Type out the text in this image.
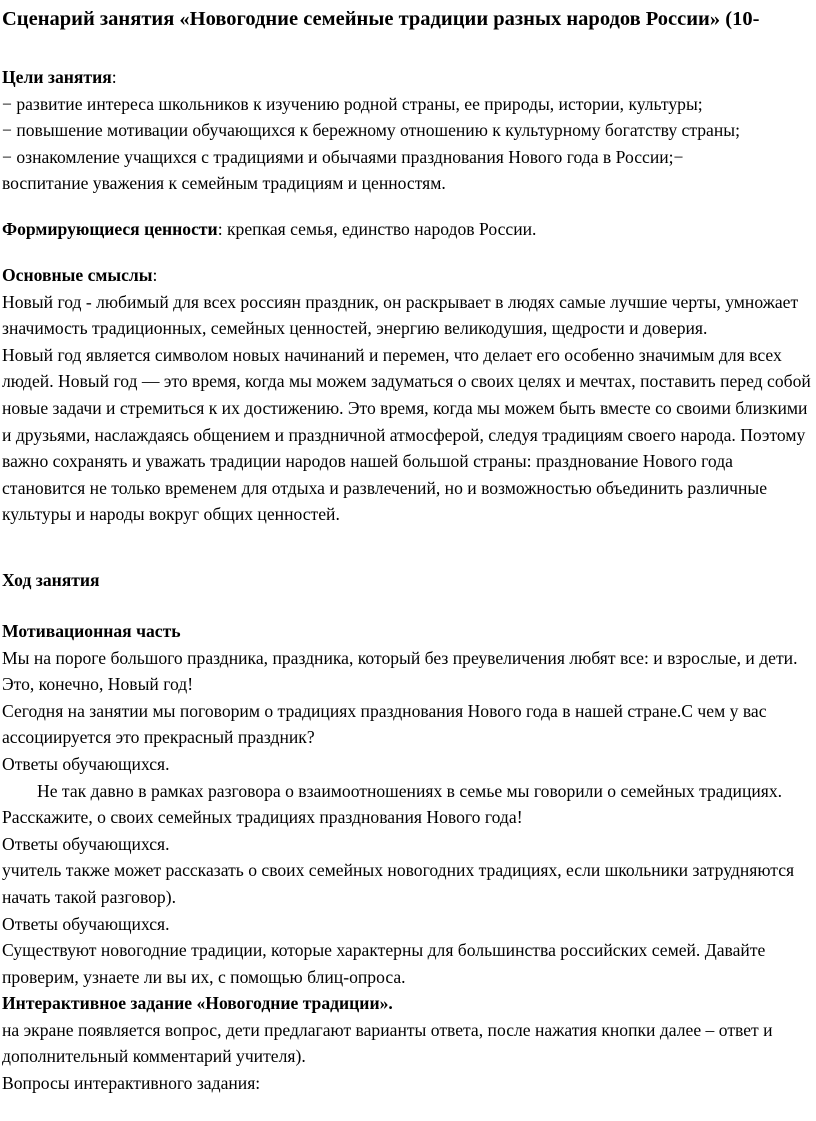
Сценарий занятия «Новогодние семейные традиции разных народов России» (10-

Цели занятия:

− развитие интереса школьников к изучению родной страны, ее природы, истории, культуры;

− повышение мотивации обучающихся к бережному отношению к культурному богатству страны;

− ознакомление учащихся с традициями и обычаями празднования Нового года в России;−

воспитание уважения к семейным традициям и ценностям.

Формирующиеся ценности: крепкая семья, единство народов России.

Основные смыслы:

Новый год - любимый для всех россиян праздник, он раскрывает в людях самые лучшие черты, умножает значимость традиционных, семейных ценностей, энергию великодушия, щедрости и доверия.

Новый год является символом новых начинаний и перемен, что делает его особенно значимым для всех людей. Новый год — это время, когда мы можем задуматься о своих целях и мечтах, поставить перед собой новые задачи и стремиться к их достижению. Это время, когда мы можем быть вместе со своими близкими и друзьями, наслаждаясь общением и праздничной атмосферой, следуя традициям своего народа. Поэтому важно сохранять и уважать традиции народов нашей большой страны: празднование Нового года становится не только временем для отдыха и развлечений, но и возможностью объединить различные культуры и народы вокруг общих ценностей.

Ход занятия

Мотивационная часть

Мы на пороге большого праздника, праздника, который без преувеличения любят все: и взрослые, и дети. Это, конечно, Новый год!

Сегодня на занятии мы поговорим о традициях празднования Нового года в нашей стране.С чем у вас ассоциируется это прекрасный праздник?

Ответы обучающихся.

Не так давно в рамках разговора о взаимоотношениях в семье мы говорили о семейных традициях. Расскажите, о своих семейных традициях празднования Нового года!

Ответы обучающихся.

учитель также может рассказать о своих семейных новогодних традициях, если школьники затрудняются начать такой разговор).

Ответы обучающихся.

Существуют новогодние традиции, которые характерны для большинства российских семей. Давайте проверим, узнаете ли вы их, с помощью блиц-опроса.

Интерактивное задание «Новогодние традиции».

на экране появляется вопрос, дети предлагают варианты ответа, после нажатия кнопки далее – ответ и дополнительный комментарий учителя).

Вопросы интерактивного задания:
